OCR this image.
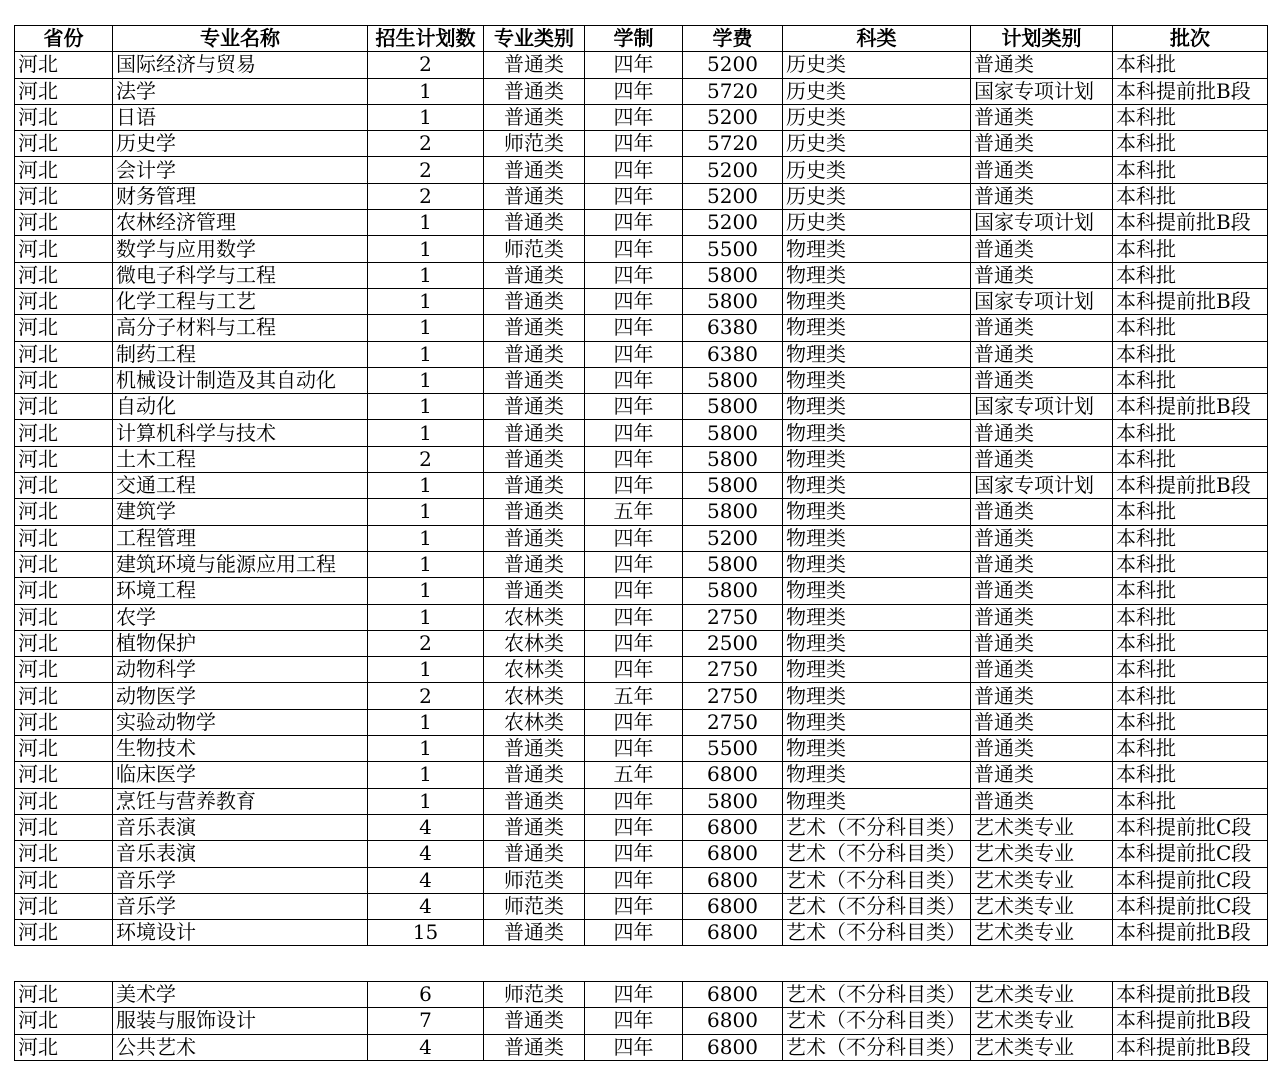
省份	专业名称	招生计划数	专业类别	学制	学费	科类	计划类别	批次
河北	国际经济与贸易	2	普通类	四年	5200	历史类	普通类	本科批
河北	法学	1	普通类	四年	5720	历史类	国家专项计划	本科提前批B段
河北	日语	1	普通类	四年	5200	历史类	普通类	本科批
河北	历史学	2	师范类	四年	5720	历史类	普通类	本科批
河北	会计学	2	普通类	四年	5200	历史类	普通类	本科批
河北	财务管理	2	普通类	四年	5200	历史类	普通类	本科批
河北	农林经济管理	1	普通类	四年	5200	历史类	国家专项计划	本科提前批B段
河北	数学与应用数学	1	师范类	四年	5500	物理类	普通类	本科批
河北	微电子科学与工程	1	普通类	四年	5800	物理类	普通类	本科批
河北	化学工程与工艺	1	普通类	四年	5800	物理类	国家专项计划	本科提前批B段
河北	高分子材料与工程	1	普通类	四年	6380	物理类	普通类	本科批
河北	制药工程	1	普通类	四年	6380	物理类	普通类	本科批
河北	机械设计制造及其自动化	1	普通类	四年	5800	物理类	普通类	本科批
河北	自动化	1	普通类	四年	5800	物理类	国家专项计划	本科提前批B段
河北	计算机科学与技术	1	普通类	四年	5800	物理类	普通类	本科批
河北	土木工程	2	普通类	四年	5800	物理类	普通类	本科批
河北	交通工程	1	普通类	四年	5800	物理类	国家专项计划	本科提前批B段
河北	建筑学	1	普通类	五年	5800	物理类	普通类	本科批
河北	工程管理	1	普通类	四年	5200	物理类	普通类	本科批
河北	建筑环境与能源应用工程	1	普通类	四年	5800	物理类	普通类	本科批
河北	环境工程	1	普通类	四年	5800	物理类	普通类	本科批
河北	农学	1	农林类	四年	2750	物理类	普通类	本科批
河北	植物保护	2	农林类	四年	2500	物理类	普通类	本科批
河北	动物科学	1	农林类	四年	2750	物理类	普通类	本科批
河北	动物医学	2	农林类	五年	2750	物理类	普通类	本科批
河北	实验动物学	1	农林类	四年	2750	物理类	普通类	本科批
河北	生物技术	1	普通类	四年	5500	物理类	普通类	本科批
河北	临床医学	1	普通类	五年	6800	物理类	普通类	本科批
河北	烹饪与营养教育	1	普通类	四年	5800	物理类	普通类	本科批
河北	音乐表演	4	普通类	四年	6800	艺术（不分科目类）	艺术类专业	本科提前批C段
河北	音乐表演	4	普通类	四年	6800	艺术（不分科目类）	艺术类专业	本科提前批C段
河北	音乐学	4	师范类	四年	6800	艺术（不分科目类）	艺术类专业	本科提前批C段
河北	音乐学	4	师范类	四年	6800	艺术（不分科目类）	艺术类专业	本科提前批C段
河北	环境设计	15	普通类	四年	6800	艺术（不分科目类）	艺术类专业	本科提前批B段
河北	美术学	6	师范类	四年	6800	艺术（不分科目类）	艺术类专业	本科提前批B段
河北	服装与服饰设计	7	普通类	四年	6800	艺术（不分科目类）	艺术类专业	本科提前批B段
河北	公共艺术	4	普通类	四年	6800	艺术（不分科目类）	艺术类专业	本科提前批B段
